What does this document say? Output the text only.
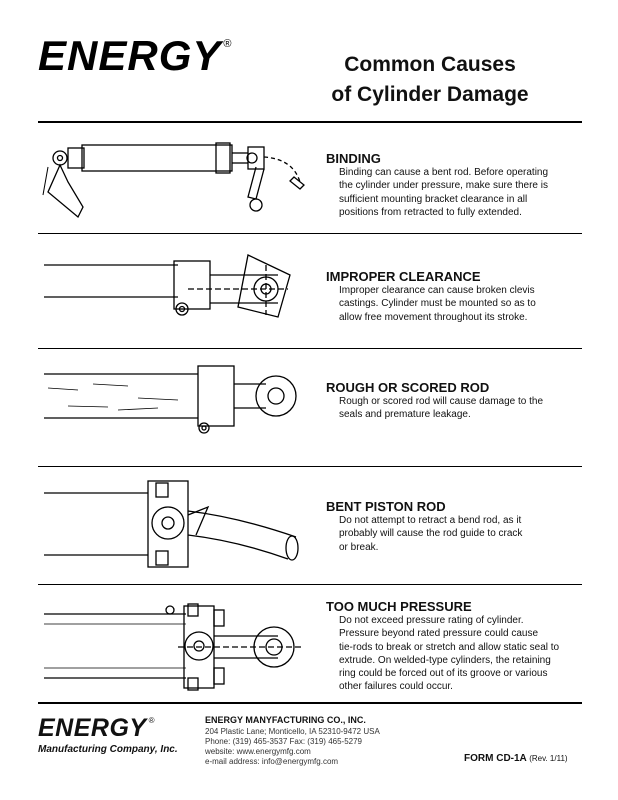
ENERGY ®
Common Causes
of Cylinder Damage
BINDING
Binding can cause a bent rod. Before operating
the cylinder under pressure, make sure there is
sufficient mounting bracket clearance in all
positions from retracted to fully extended.
IMPROPER CLEARANCE
Improper clearance can cause broken clevis
castings. Cylinder must be mounted so as to
allow free movement throughout its stroke.
ROUGH OR SCORED ROD
Rough or scored rod will cause damage to the
seals and premature leakage.
BENT PISTON ROD
Do not attempt to retract a bend rod, as it
probably will cause the rod guide to crack
or break.
TOO MUCH PRESSURE
Do not exceed pressure rating of cylinder.
Pressure beyond rated pressure could cause
tie-rods to break or stretch and allow static seal to
extrude. On welded-type cylinders, the retaining
ring could be forced out of its groove or various
other failures could occur.
ENERGY ®
Manufacturing Company, Inc.
ENERGY MANYFACTURING CO., INC.
204 Plastic Lane; Monticello, IA 52310-9472 USA
Phone: (319) 465-3537 Fax: (319) 465-5279
website: www.energymfg.com
e-mail address: info@energymfg.com	FORM CD-1A (Rev. 1/11)
